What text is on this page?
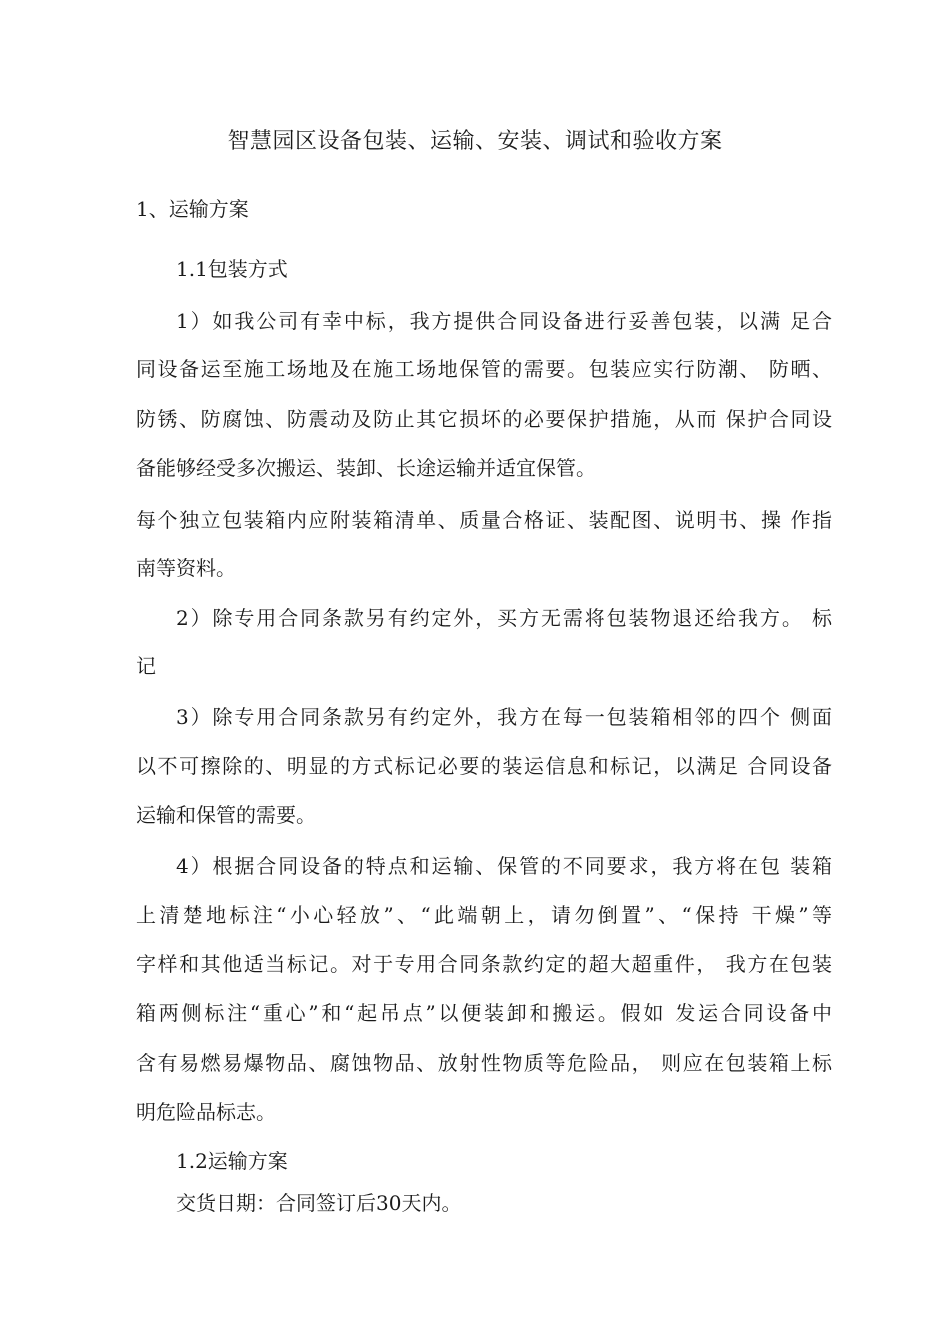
智慧园区设备包装、运输、安装、调试和验收方案
1、运输方案
1.1包装方式
1）如我公司有幸中标，我方提供合同设备进行妥善包装，以满 足合
同设备运至施工场地及在施工场地保管的需要。包装应实行防潮、 防晒、
防锈、防腐蚀、防震动及防止其它损坏的必要保护措施，从而 保护合同设
备能够经受多次搬运、装卸、长途运输并适宜保管。
每个独立包装箱内应附装箱清单、质量合格证、装配图、说明书、操 作指
南等资料。
2）除专用合同条款另有约定外，买方无需将包装物退还给我方。 标
记
3）除专用合同条款另有约定外，我方在每一包装箱相邻的四个 侧面
以不可擦除的、明显的方式标记必要的装运信息和标记，以满足 合同设备
运输和保管的需要。
4）根据合同设备的特点和运输、保管的不同要求，我方将在包 装箱
上清楚地标注“小心轻放”、“此端朝上，请勿倒置”、“保持 干燥”等
字样和其他适当标记。对于专用合同条款约定的超大超重件， 我方在包装
箱两侧标注“重心”和“起吊点”以便装卸和搬运。假如 发运合同设备中
含有易燃易爆物品、腐蚀物品、放射性物质等危险品， 则应在包装箱上标
明危险品标志。
1.2运输方案
交货日期：合同签订后30天内。
